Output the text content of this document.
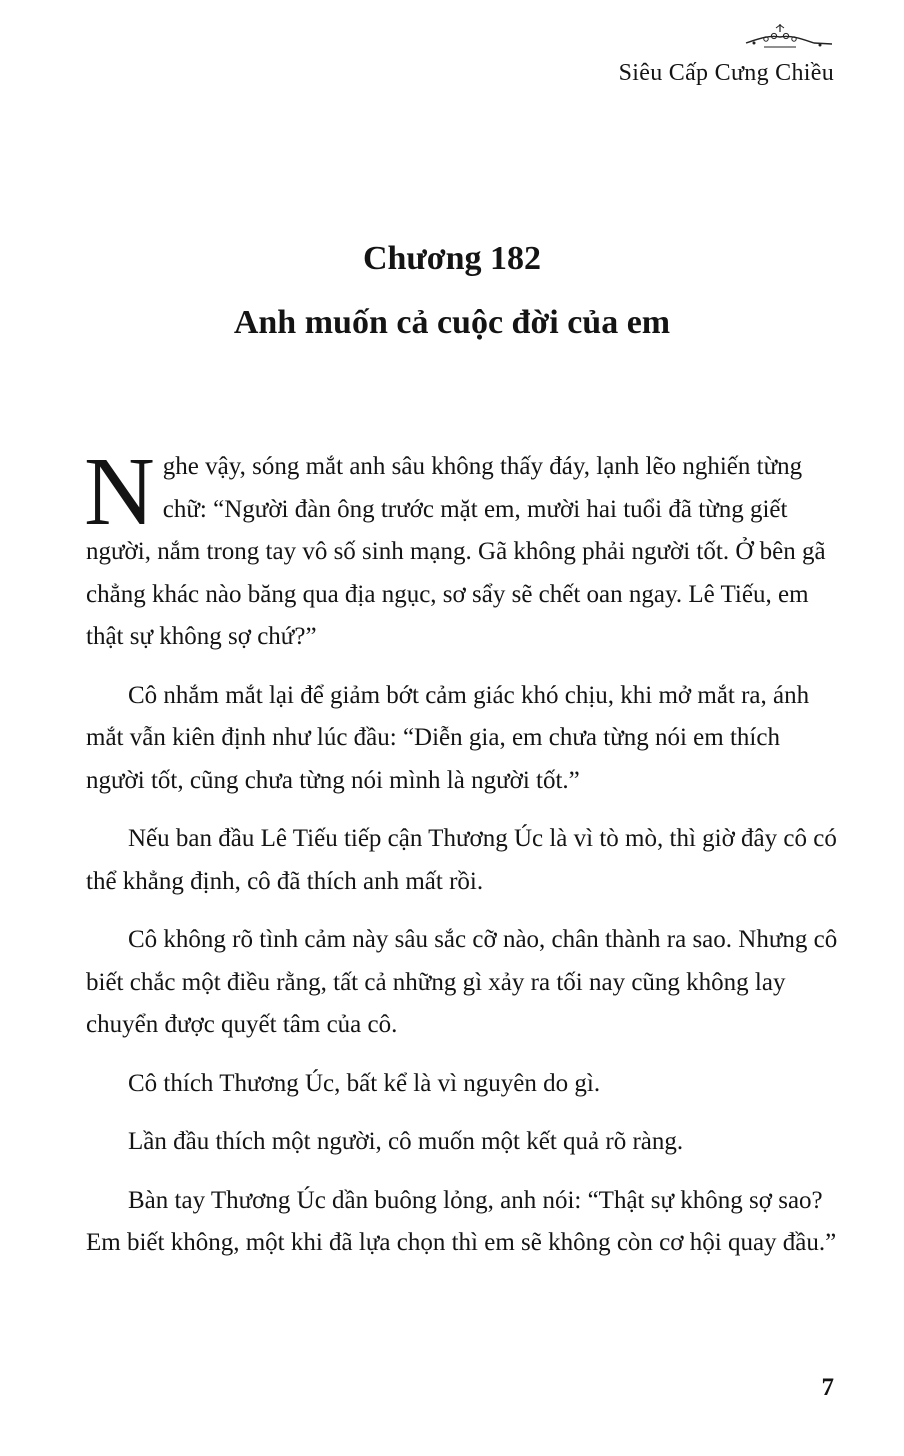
Siêu Cấp Cưng Chiều
Chương 182
Anh muốn cả cuộc đời của em

Nghe vậy, sóng mắt anh sâu không thấy đáy, lạnh lẽo nghiến từng chữ: “Người đàn ông trước mặt em, mười hai tuổi đã từng giết người, nắm trong tay vô số sinh mạng. Gã không phải người tốt. Ở bên gã chẳng khác nào băng qua địa ngục, sơ sẩy sẽ chết oan ngay. Lê Tiếu, em thật sự không sợ chứ?”

Cô nhắm mắt lại để giảm bớt cảm giác khó chịu, khi mở mắt ra, ánh mắt vẫn kiên định như lúc đầu: “Diễn gia, em chưa từng nói em thích người tốt, cũng chưa từng nói mình là người tốt.”

Nếu ban đầu Lê Tiếu tiếp cận Thương Úc là vì tò mò, thì giờ đây cô có thể khẳng định, cô đã thích anh mất rồi.

Cô không rõ tình cảm này sâu sắc cỡ nào, chân thành ra sao. Nhưng cô biết chắc một điều rằng, tất cả những gì xảy ra tối nay cũng không lay chuyển được quyết tâm của cô.

Cô thích Thương Úc, bất kể là vì nguyên do gì.

Lần đầu thích một người, cô muốn một kết quả rõ ràng.

Bàn tay Thương Úc dần buông lỏng, anh nói: “Thật sự không sợ sao? Em biết không, một khi đã lựa chọn thì em sẽ không còn cơ hội quay đầu.”

7
